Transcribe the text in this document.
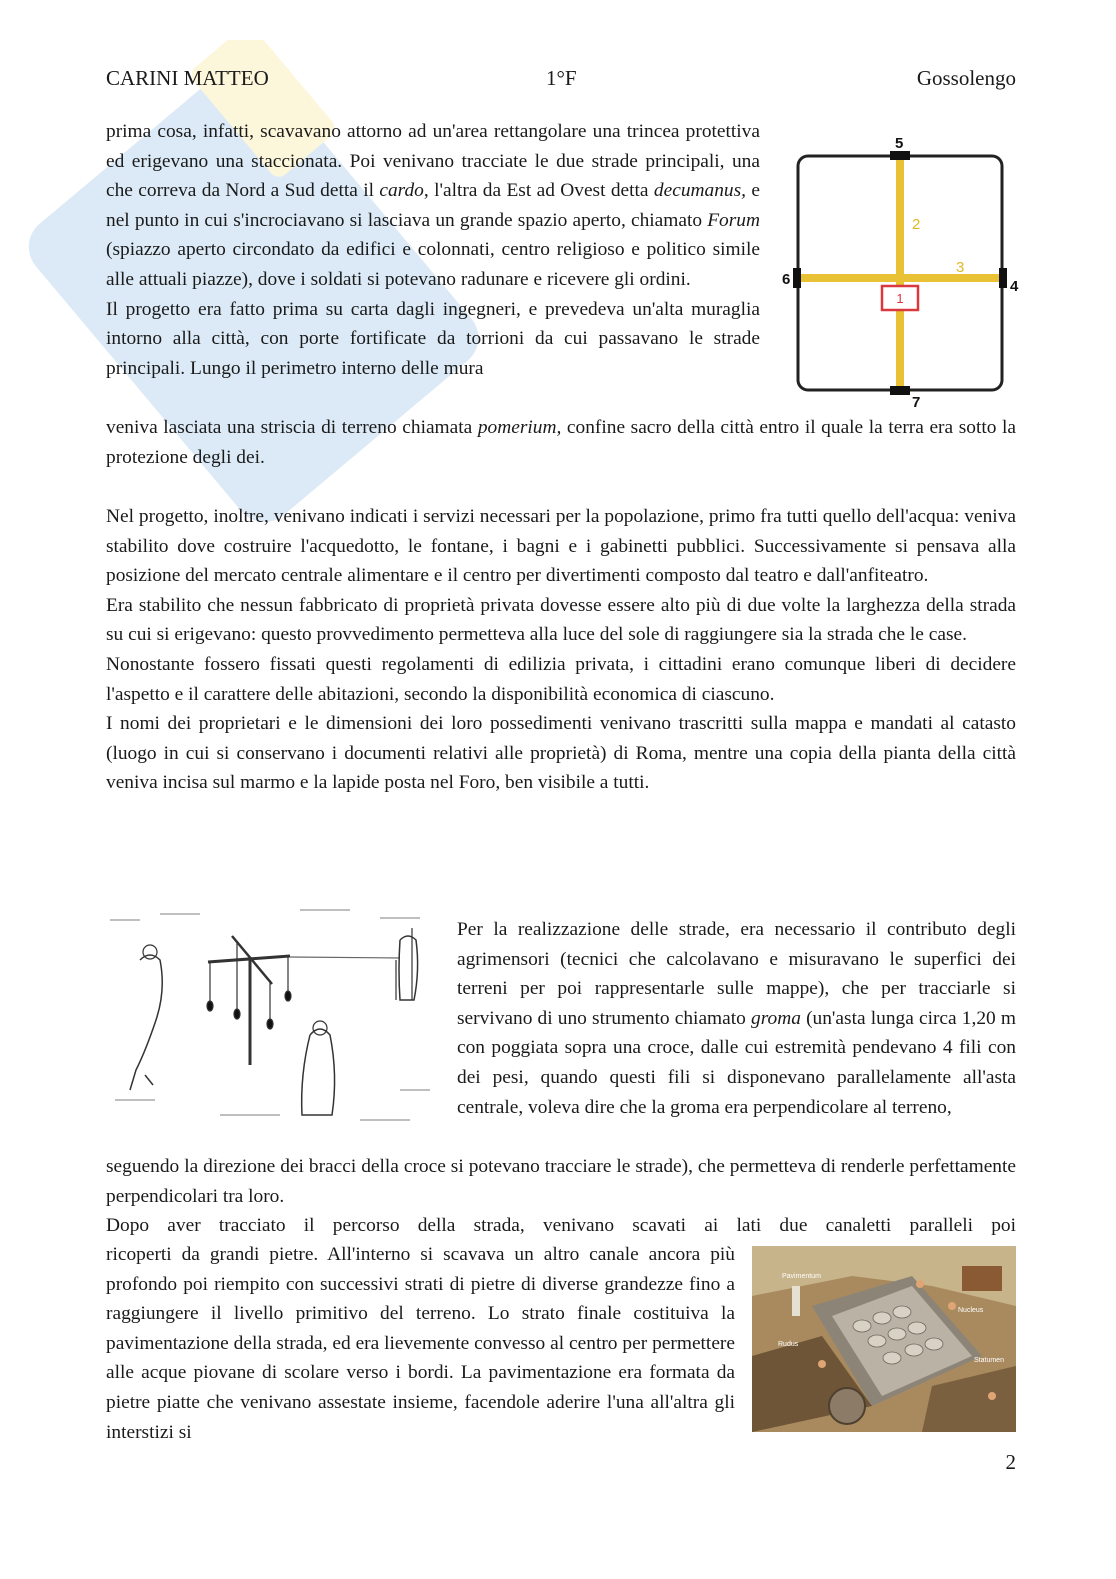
CARINI MATTEO	1°F	Gossolengo

prima cosa, infatti, scavavano attorno ad un'area rettangolare una trincea protettiva ed erigevano una staccionata. Poi venivano tracciate le due strade principali, una che correva da Nord a Sud detta il cardo, l'altra da Est ad Ovest detta decumanus, e nel punto in cui s'incrociavano si lasciava un grande spazio aperto, chiamato Forum (spiazzo aperto circondato da edifici e colonnati, centro religioso e politico simile alle attuali piazze), dove i soldati si potevano radunare e ricevere gli ordini.

Il progetto era fatto prima su carta dagli ingegneri, e prevedeva un'alta muraglia intorno alla città, con porte fortificate da torrioni da cui passavano le strade principali. Lungo il perimetro interno delle mura

1
2
3
4
5
6
7

veniva lasciata una striscia di terreno chiamata pomerium, confine sacro della città entro il quale la terra era sotto la protezione degli dei.

Nel progetto, inoltre, venivano indicati i servizi necessari per la popolazione, primo fra tutti quello dell'acqua: veniva stabilito dove costruire l'acquedotto, le fontane, i bagni e i gabinetti pubblici. Successivamente si pensava alla posizione del mercato centrale alimentare e il centro per divertimenti composto dal teatro e dall'anfiteatro.

Era stabilito che nessun fabbricato di proprietà privata dovesse essere alto più di due volte la larghezza della strada su cui si erigevano: questo provvedimento permetteva alla luce del sole di raggiungere sia la strada che le case.

Nonostante fossero fissati questi regolamenti di edilizia privata, i cittadini erano comunque liberi di decidere l'aspetto e il carattere delle abitazioni, secondo la disponibilità economica di ciascuno.

I nomi dei proprietari e le dimensioni dei loro possedimenti venivano trascritti sulla mappa e mandati al catasto (luogo in cui si conservano i documenti relativi alle proprietà) di Roma, mentre una copia della pianta della città veniva incisa sul marmo e la lapide posta nel Foro, ben visibile a tutti.

Per la realizzazione delle strade, era necessario il contributo degli agrimensori (tecnici che calcolavano e misuravano le superfici dei terreni per poi rappresentarle sulle mappe), che per tracciarle si servivano di uno strumento chiamato groma (un'asta lunga circa 1,20 m con poggiata sopra una croce, dalle cui estremità pendevano 4 fili con dei pesi, quando questi fili si disponevano parallelamente all'asta centrale, voleva dire che la groma era perpendicolare al terreno,

seguendo la direzione dei bracci della croce si potevano tracciare le strade), che permetteva di renderle perfettamente perpendicolari tra loro.

Dopo aver tracciato il percorso della strada, venivano scavati ai lati due canaletti paralleli poi

ricoperti da grandi pietre. All'interno si scavava un altro canale ancora più profondo poi riempito con successivi strati di pietre di diverse grandezze fino a raggiungere il livello primitivo del terreno. Lo strato finale costituiva la pavimentazione della strada, ed era lievemente convesso al centro per permettere alle acque piovane di scolare verso i bordi. La pavimentazione era formata da pietre piatte che venivano assestate insieme, facendole aderire l'una all'altra gli interstizi si

Pavimentum
Nucleus
Rudus
Statumen
2
